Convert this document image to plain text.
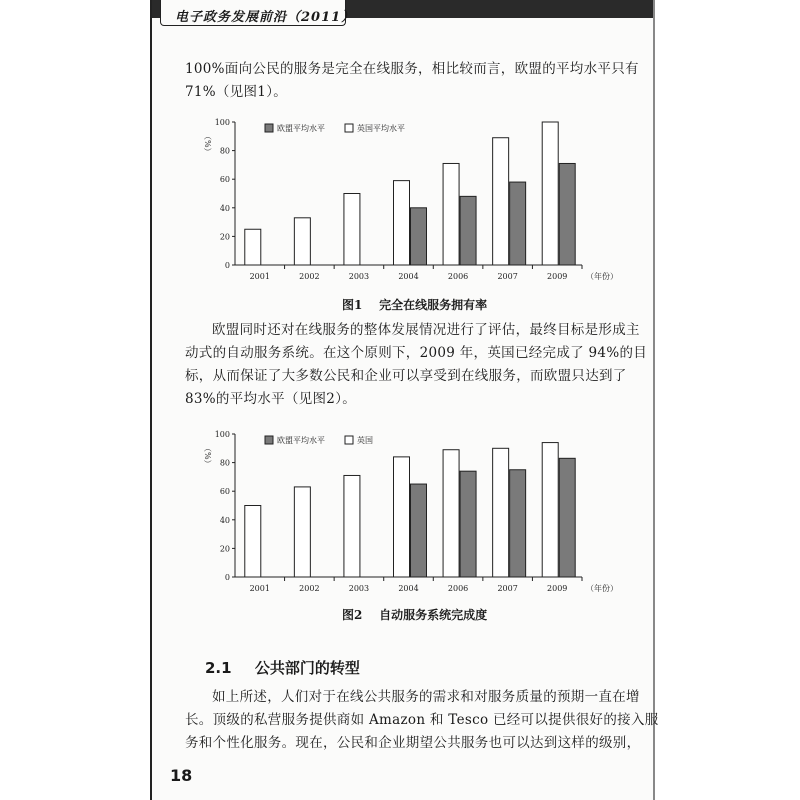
电子政务发展前沿（2011）

100%面向公民的服务是完全在线服务，相比较而言，欧盟的平均水平只有
71%（见图1）。

0
20
40
60
80
100
（%）
2001	2002	2003	2004	2006	2007	2009 （年份）
欧盟平均水平	英国平均水平
图1 完全在线服务拥有率

欧盟同时还对在线服务的整体发展情况进行了评估，最终目标是形成主
动式的自动服务系统。在这个原则下，2009 年，英国已经完成了 94%的目
标，从而保证了大多数公民和企业可以享受到在线服务，而欧盟只达到了
83%的平均水平（见图2）。

0
20
40
60
80
100
（%）
2001	2002	2003	2004	2006	2007	2009 （年份）
欧盟平均水平	英国
图2 自动服务系统完成度
2.1 公共部门的转型

如上所述，人们对于在线公共服务的需求和对服务质量的预期一直在增
长。顶级的私营服务提供商如 Amazon 和 Tesco 已经可以提供很好的接入服
务和个性化服务。现在，公民和企业期望公共服务也可以达到这样的级别，

18
